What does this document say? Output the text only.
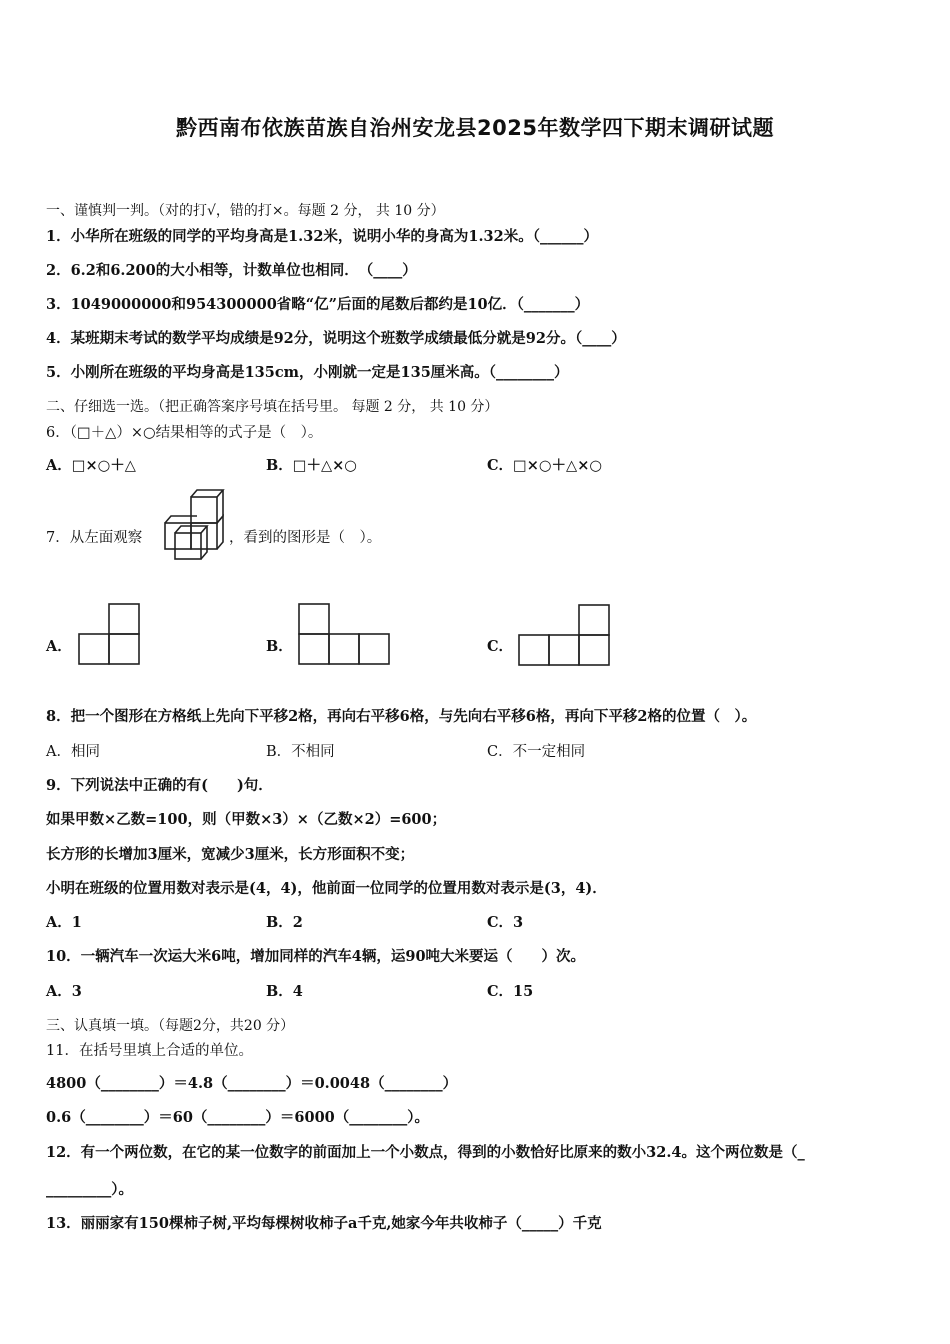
黔西南布依族苗族自治州安龙县2025年数学四下期末调研试题
一、谨慎判一判。（对的打√，错的打×。每题 2 分， 共 10 分）
1．小华所在班级的同学的平均身高是1.32米，说明小华的身高为1.32米。（______）
2．6.2和6.200的大小相等，计数单位也相同．　（____）
3．1049000000和954300000省略“亿”后面的尾数后都约是10亿．（_______）
4．某班期末考试的数学平均成绩是92分，说明这个班数学成绩最低分就是92分。（____）
5．小刚所在班级的平均身高是135cm，小刚就一定是135厘米高。（________）
二、仔细选一选。（把正确答案序号填在括号里。 每题 2 分， 共 10 分）
6．（□＋△）×○结果相等的式子是（　）。
A．□×○＋△	B．□＋△×○	C．□×○＋△×○
7．从左面观察	，看到的图形是（　）。
A．	B．	C．
8．把一个图形在方格纸上先向下平移2格，再向右平移6格，与先向右平移6格，再向下平移2格的位置（　）。
A．相同	B．不相同	C．不一定相同
9．下列说法中正确的有(　　)句．
如果甲数×乙数=100，则（甲数×3）×（乙数×2）=600；
长方形的长增加3厘米，宽减少3厘米，长方形面积不变；
小明在班级的位置用数对表示是(4，4)，他前面一位同学的位置用数对表示是(3，4)．
A．1	B．2	C．3
10．一辆汽车一次运大米6吨，增加同样的汽车4辆，运90吨大米要运（　　）次。
A．3	B．4	C．15
三、认真填一填。（每题2分，共20 分）
11．在括号里填上合适的单位。
4800（________）＝4.8（________）＝0.0048（________）
0.6（________）＝60（________）＝6000（________）。
12．有一个两位数，在它的某一位数字的前面加上一个小数点，得到的小数恰好比原来的数小32.4。这个两位数是（_
_________）。
13．丽丽家有150棵柿子树,平均每棵树收柿子a千克,她家今年共收柿子（_____）千克
